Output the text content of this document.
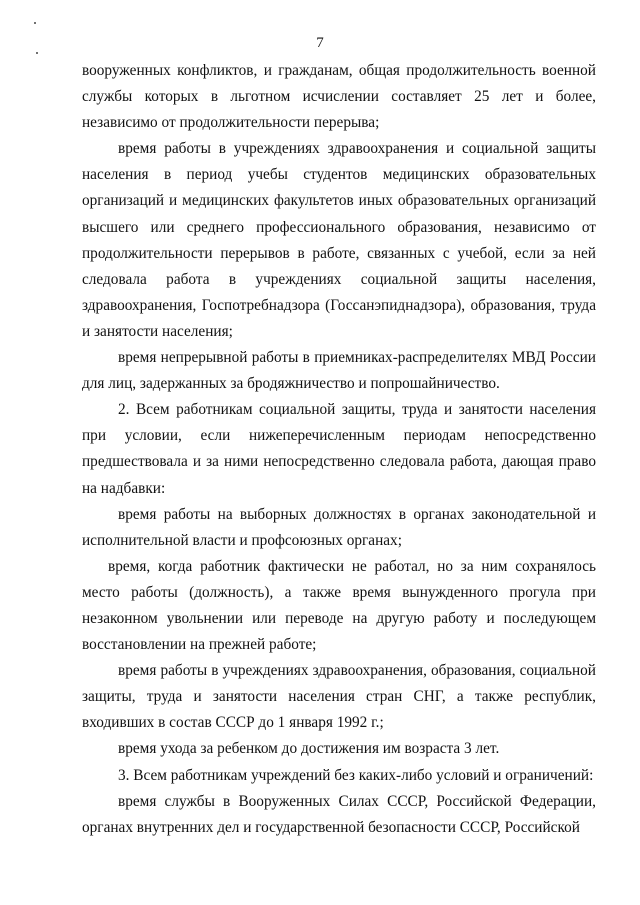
7

вооруженных конфликтов, и гражданам, общая продолжительность военной службы которых в льготном исчислении составляет 25 лет и более, независимо от продолжительности перерыва;

время работы в учреждениях здравоохранения и социальной защиты населения в период учебы студентов медицинских образовательных организаций и медицинских факультетов иных образовательных организаций высшего или среднего профессионального образования, независимо от продолжительности перерывов в работе, связанных с учебой, если за ней следовала работа в учреждениях социальной защиты населения, здравоохранения, Госпотребнадзора (Госсанэпиднадзора), образования, труда и занятости населения;

время непрерывной работы в приемниках-распределителях МВД России для лиц, задержанных за бродяжничество и попрошайничество.

2. Всем работникам социальной защиты, труда и занятости населения при условии, если нижеперечисленным периодам непосредственно предшествовала и за ними непосредственно следовала работа, дающая право на надбавки:

время работы на выборных должностях в органах законодательной и исполнительной власти и профсоюзных органах;

время, когда работник фактически не работал, но за ним сохранялось место работы (должность), а также время вынужденного прогула при незаконном увольнении или переводе на другую работу и последующем восстановлении на прежней работе;

время работы в учреждениях здравоохранения, образования, социальной защиты, труда и занятости населения стран СНГ, а также республик, входивших в состав СССР до 1 января 1992 г.;

время ухода за ребенком до достижения им возраста 3 лет.

3. Всем работникам учреждений без каких-либо условий и ограничений:

время службы в Вооруженных Силах СССР, Российской Федерации, органах внутренних дел и государственной безопасности СССР, Российской
